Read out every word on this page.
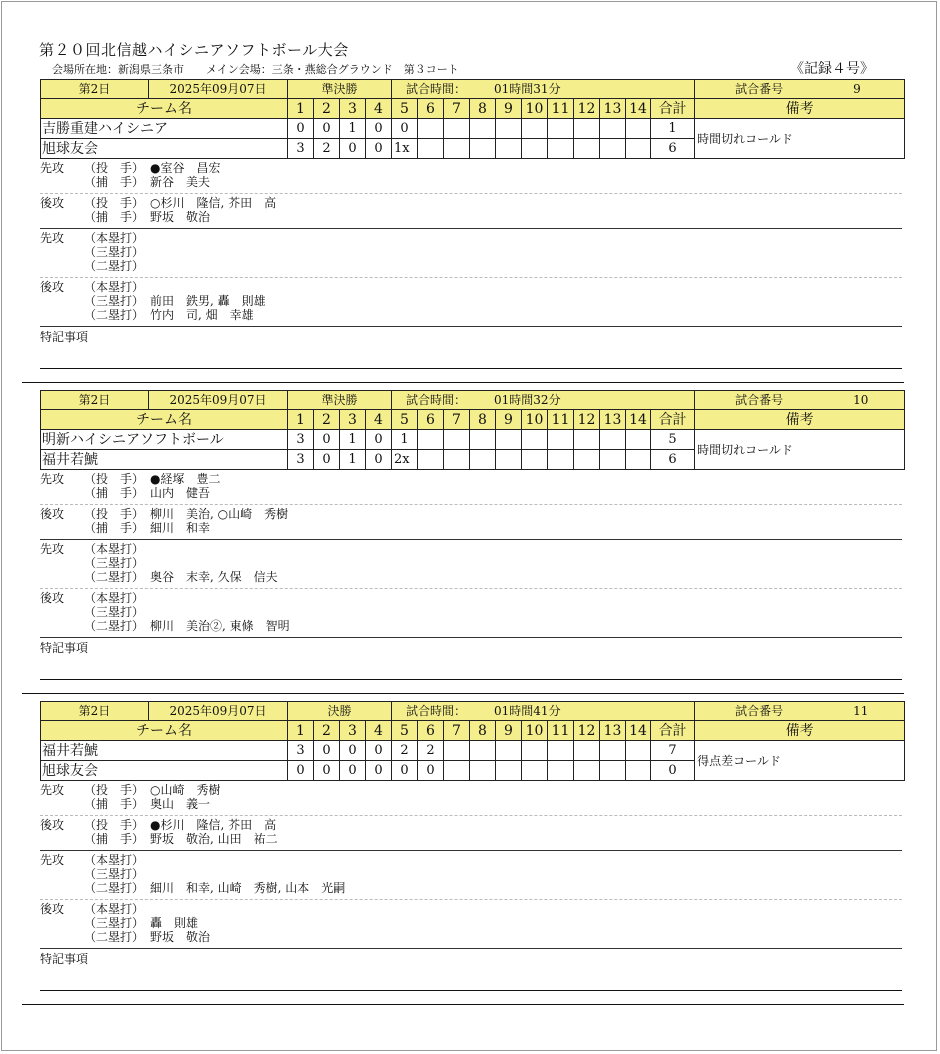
第２０回北信越ハイシニアソフトボール大会
会場所在地：新潟県三条市　　メイン会場：三条・燕総合グラウンド　第３コート	《記録４号》
第2日	2025年09月07日	準決勝				試合時間： 01時間31分											試合番号 9
チーム名		1	2	3	4	5	6	7	8	9	10	11	12	13	14	合計	備考
吉勝重建ハイシニア		0	0	1	0	0										1	時間切れコールド
旭球友会		3	2	0	0	1x										6	
先攻	（投　手） ●室谷　昌宏
（捕　手） 新谷　美夫
後攻	（投　手） ○杉川　隆信, 芥田　高
（捕　手） 野坂　敬治
先攻	（本塁打）
（三塁打）
（二塁打）
後攻	（本塁打）
（三塁打） 前田　鉄男, 轟　則雄
（二塁打） 竹内　司, 畑　幸雄
特記事項
第2日	2025年09月07日	準決勝				試合時間： 01時間32分											試合番号 10
チーム名		1	2	3	4	5	6	7	8	9	10	11	12	13	14	合計	備考
明新ハイシニアソフトボール		3	0	1	0	1										5	時間切れコールド
福井若鯱		3	0	1	0	2x										6	
先攻	（投　手） ●経塚　豊二
（捕　手） 山内　健吾
後攻	（投　手） 柳川　美治, ○山崎　秀樹
（捕　手） 細川　和幸
先攻	（本塁打）
（三塁打）
（二塁打） 奥谷　末幸, 久保　信夫
後攻	（本塁打）
（三塁打）
（二塁打） 柳川　美治②, 東條　智明
特記事項
第2日	2025年09月07日	決勝				試合時間： 01時間41分											試合番号 11
チーム名		1	2	3	4	5	6	7	8	9	10	11	12	13	14	合計	備考
福井若鯱		3	0	0	0	2	2									7	得点差コールド
旭球友会		0	0	0	0	0	0									0	
先攻	（投　手） ○山崎　秀樹
（捕　手） 奥山　義一
後攻	（投　手） ●杉川　隆信, 芥田　高
（捕　手） 野坂　敬治, 山田　祐二
先攻	（本塁打）
（三塁打）
（二塁打） 細川　和幸, 山崎　秀樹, 山本　光嗣
後攻	（本塁打）
（三塁打） 轟　則雄
（二塁打） 野坂　敬治
特記事項
